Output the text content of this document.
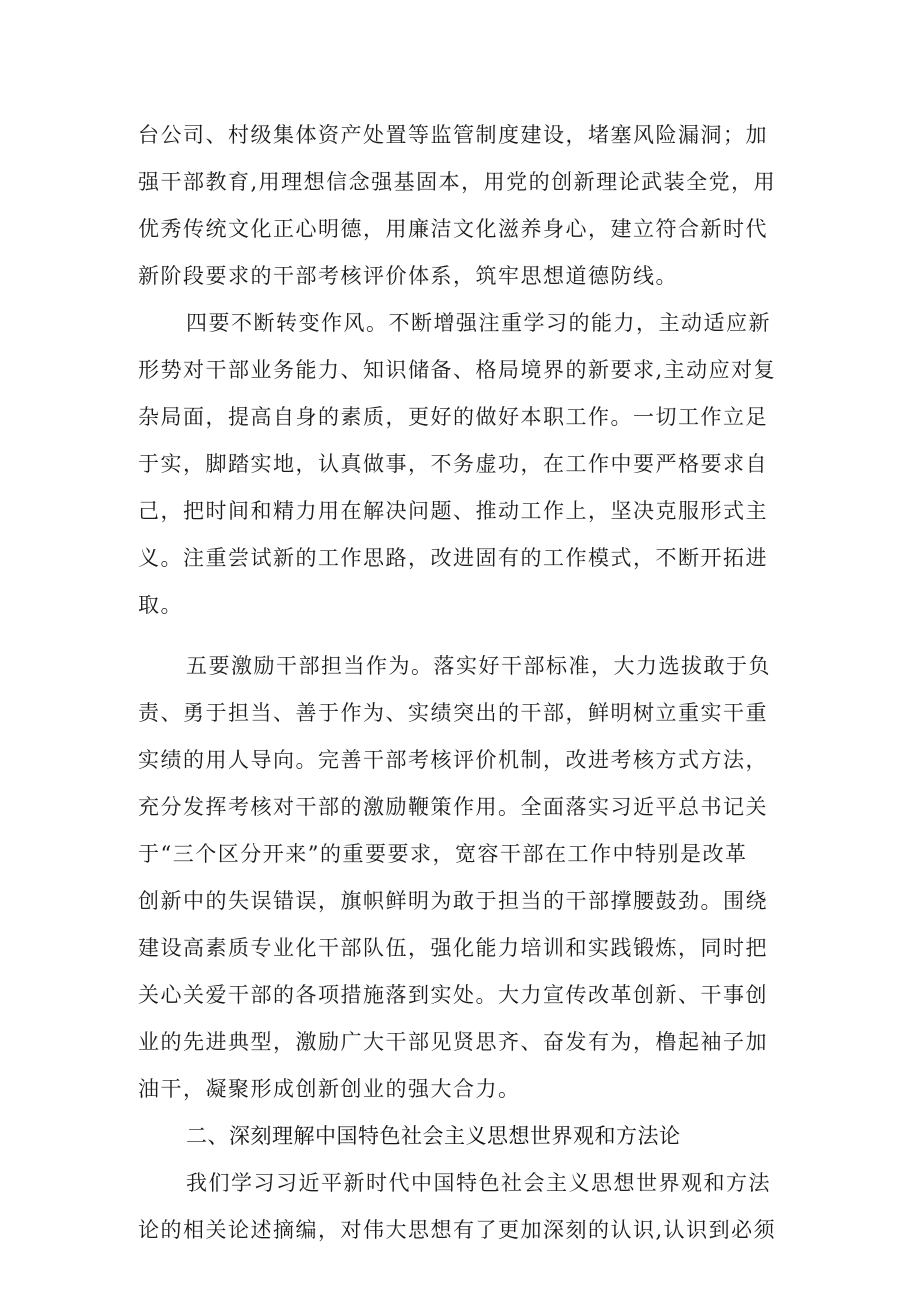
台公司、村级集体资产处置等监管制度建设，堵塞风险漏洞；加
强干部教育,用理想信念强基固本，用党的创新理论武装全党，用
优秀传统文化正心明德，用廉洁文化滋养身心，建立符合新时代
新阶段要求的干部考核评价体系，筑牢思想道德防线。
四要不断转变作风。不断增强注重学习的能力，主动适应新
形势对干部业务能力、知识储备、格局境界的新要求,主动应对复
杂局面，提高自身的素质，更好的做好本职工作。一切工作立足
于实，脚踏实地，认真做事，不务虚功，在工作中要严格要求自
己，把时间和精力用在解决问题、推动工作上，坚决克服形式主
义。注重尝试新的工作思路，改进固有的工作模式，不断开拓进
取。
五要激励干部担当作为。落实好干部标准，大力选拔敢于负
责、勇于担当、善于作为、实绩突出的干部，鲜明树立重实干重
实绩的用人导向。完善干部考核评价机制，改进考核方式方法，
充分发挥考核对干部的激励鞭策作用。全面落实习近平总书记关
于“三个区分开来”的重要要求，宽容干部在工作中特别是改革
创新中的失误错误，旗帜鲜明为敢于担当的干部撑腰鼓劲。围绕
建设高素质专业化干部队伍，强化能力培训和实践锻炼，同时把
关心关爱干部的各项措施落到实处。大力宣传改革创新、干事创
业的先进典型，激励广大干部见贤思齐、奋发有为，橹起袖子加
油干，凝聚形成创新创业的强大合力。
二、深刻理解中国特色社会主义思想世界观和方法论
我们学习习近平新时代中国特色社会主义思想世界观和方法
论的相关论述摘编，对伟大思想有了更加深刻的认识,认识到必须
